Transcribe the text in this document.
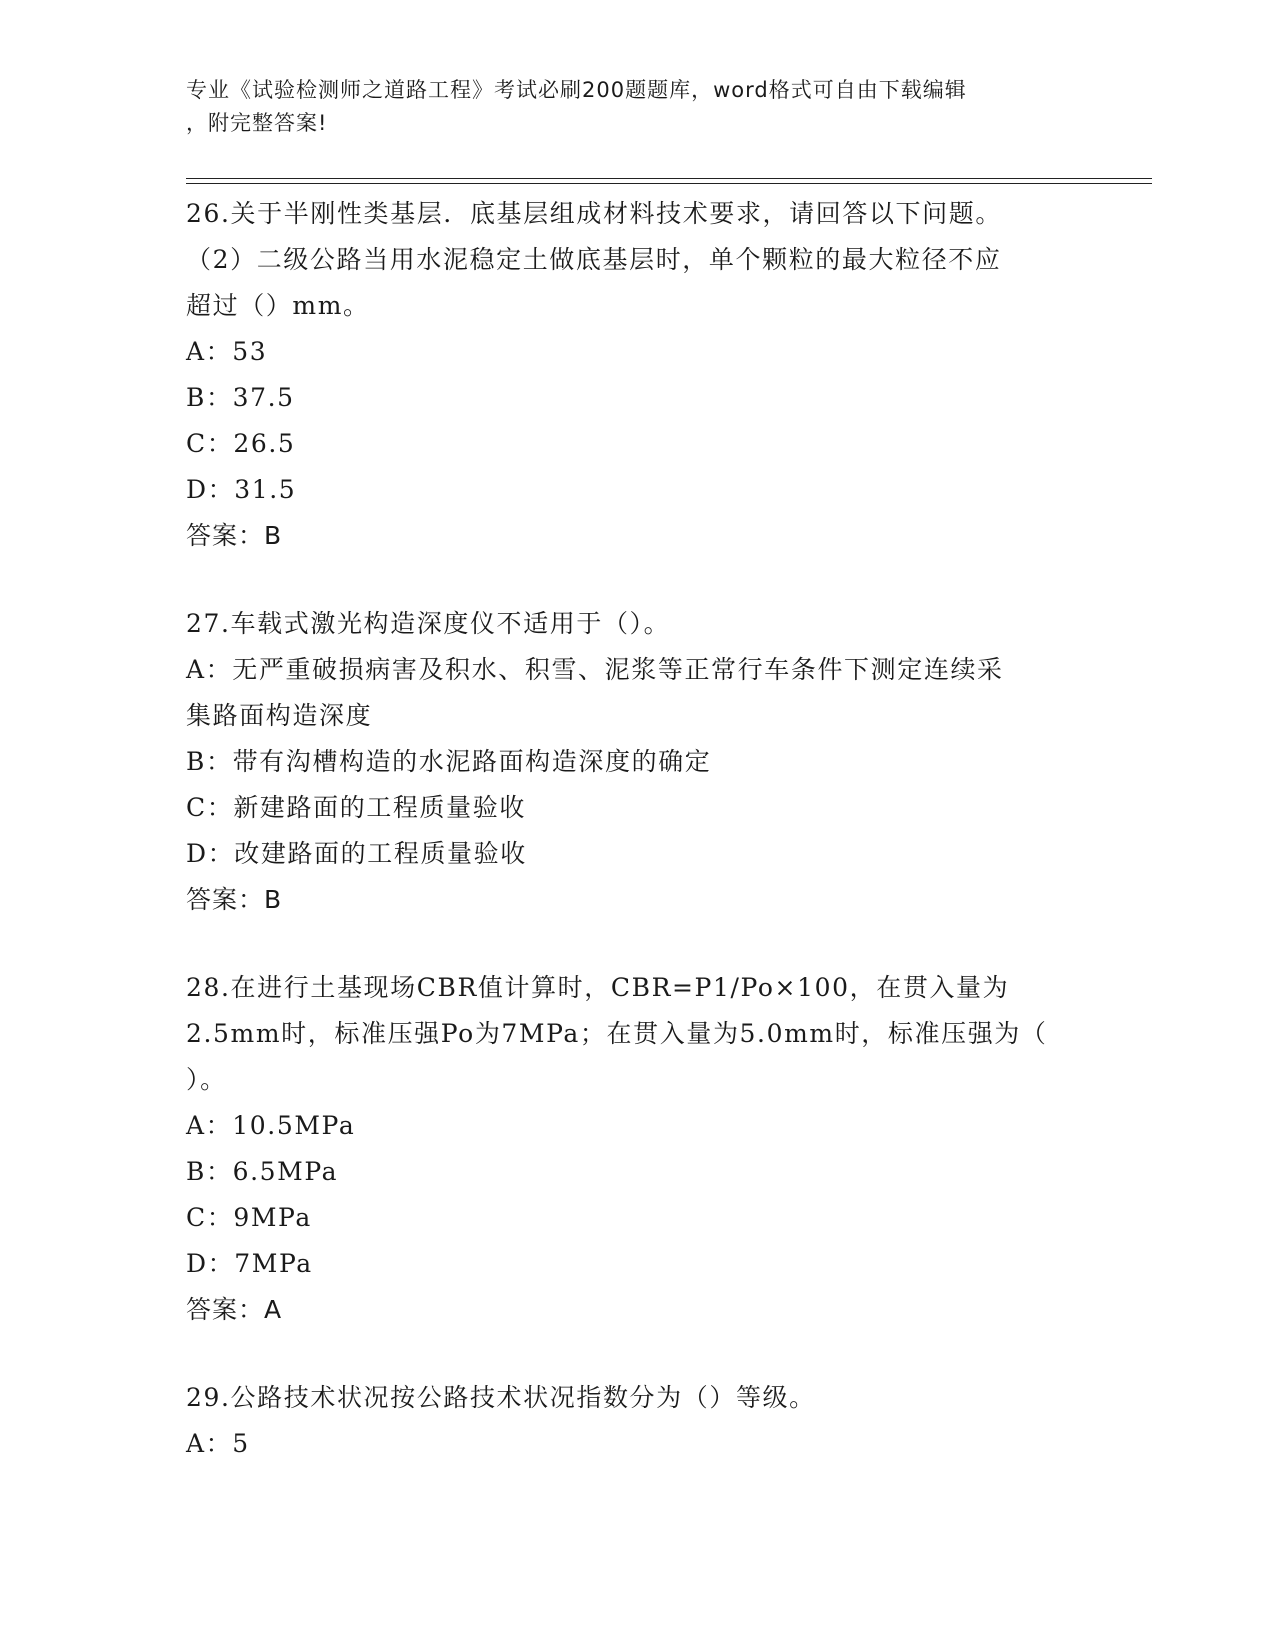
专业《试验检测师之道路工程》考试必刷200题题库，word格式可自由下载编辑

，附完整答案!

26.关于半刚性类基层．底基层组成材料技术要求，请回答以下问题。
（2）二级公路当用水泥稳定土做底基层时，单个颗粒的最大粒径不应
超过（）mm。
A：53
B：37.5
C：26.5
D：31.5
答案：B
27.车载式激光构造深度仪不适用于（）。
A：无严重破损病害及积水、积雪、泥浆等正常行车条件下测定连续采
集路面构造深度
B：带有沟槽构造的水泥路面构造深度的确定
C：新建路面的工程质量验收
D：改建路面的工程质量验收
答案：B
28.在进行土基现场CBR值计算时，CBR=P1/Po×100，在贯入量为
2.5mm时，标准压强Po为7MPa；在贯入量为5.0mm时，标准压强为（
）。
A：10.5MPa
B：6.5MPa
C：9MPa
D：7MPa
答案：A
29.公路技术状况按公路技术状况指数分为（）等级。
A：5
